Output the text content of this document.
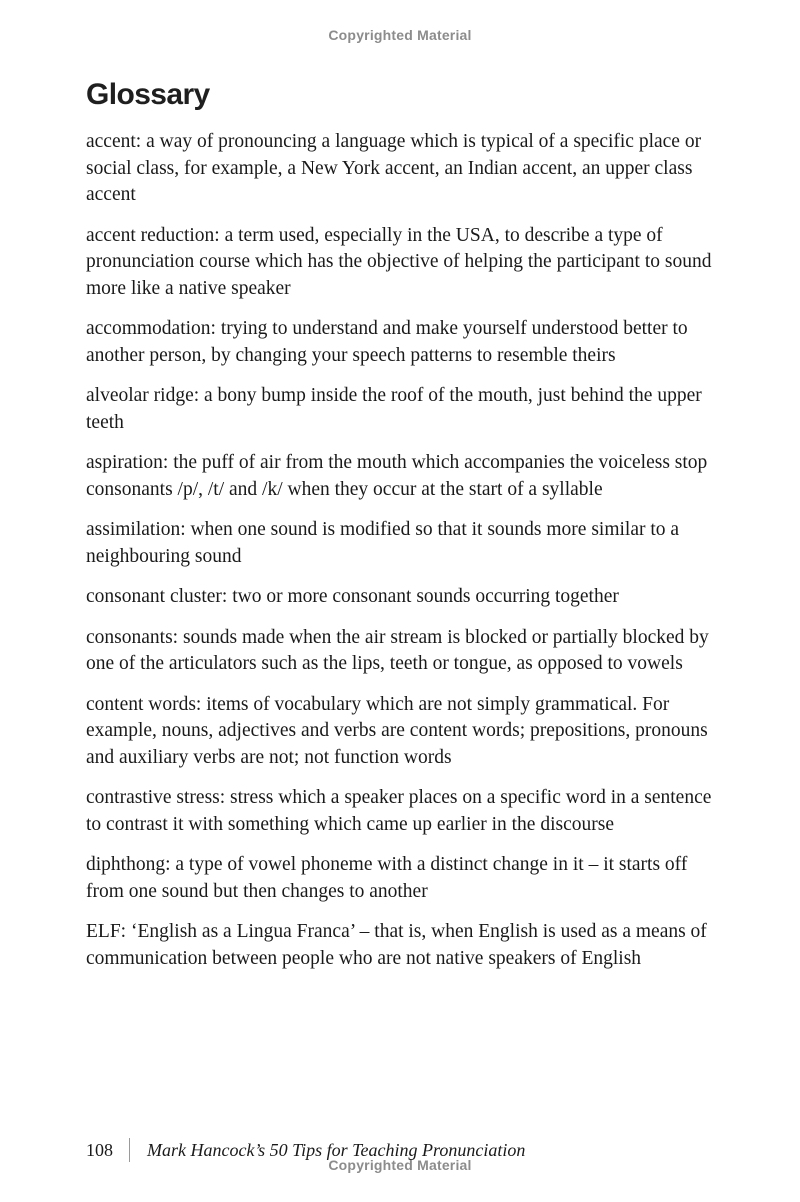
Copyrighted Material
Glossary
accent: a way of pronouncing a language which is typical of a specific place or social class, for example, a New York accent, an Indian accent, an upper class accent
accent reduction: a term used, especially in the USA, to describe a type of pronunciation course which has the objective of helping the participant to sound more like a native speaker
accommodation: trying to understand and make yourself understood better to another person, by changing your speech patterns to resemble theirs
alveolar ridge: a bony bump inside the roof of the mouth, just behind the upper teeth
aspiration: the puff of air from the mouth which accompanies the voiceless stop consonants /p/, /t/ and /k/ when they occur at the start of a syllable
assimilation: when one sound is modified so that it sounds more similar to a neighbouring sound
consonant cluster: two or more consonant sounds occurring together
consonants: sounds made when the air stream is blocked or partially blocked by one of the articulators such as the lips, teeth or tongue, as opposed to vowels
content words: items of vocabulary which are not simply grammatical. For example, nouns, adjectives and verbs are content words; prepositions, pronouns and auxiliary verbs are not; not function words
contrastive stress: stress which a speaker places on a specific word in a sentence to contrast it with something which came up earlier in the discourse
diphthong: a type of vowel phoneme with a distinct change in it – it starts off from one sound but then changes to another
ELF: ‘English as a Lingua Franca’ – that is, when English is used as a means of communication between people who are not native speakers of English
108 Mark Hancock’s 50 Tips for Teaching Pronunciation
Copyrighted Material
